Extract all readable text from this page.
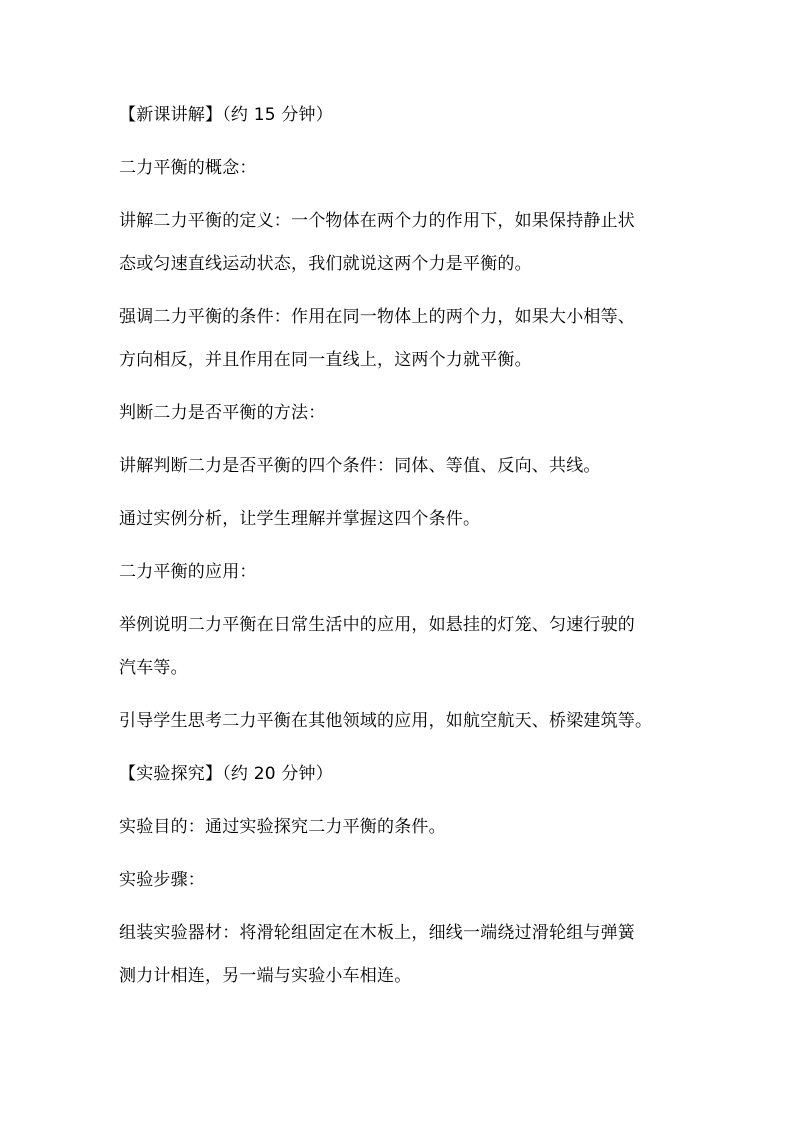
【新课讲解】（约 15 分钟）
二力平衡的概念：
讲解二力平衡的定义：一个物体在两个力的作用下，如果保持静止状
态或匀速直线运动状态，我们就说这两个力是平衡的。
强调二力平衡的条件：作用在同一物体上的两个力，如果大小相等、
方向相反，并且作用在同一直线上，这两个力就平衡。
判断二力是否平衡的方法：
讲解判断二力是否平衡的四个条件：同体、等值、反向、共线。
通过实例分析，让学生理解并掌握这四个条件。
二力平衡的应用：
举例说明二力平衡在日常生活中的应用，如悬挂的灯笼、匀速行驶的
汽车等。
引导学生思考二力平衡在其他领域的应用，如航空航天、桥梁建筑等。
【实验探究】（约 20 分钟）
实验目的：通过实验探究二力平衡的条件。
实验步骤：
组装实验器材：将滑轮组固定在木板上，细线一端绕过滑轮组与弹簧
测力计相连，另一端与实验小车相连。
